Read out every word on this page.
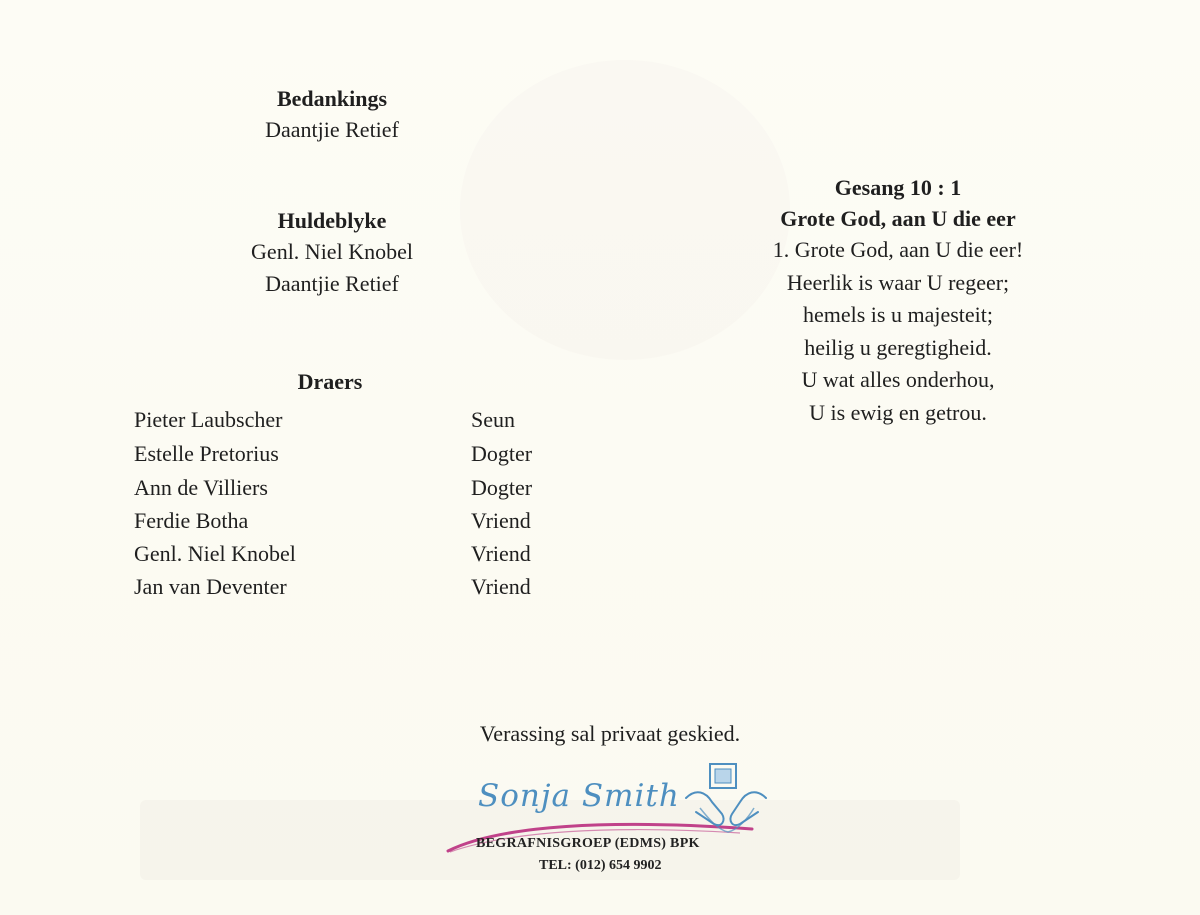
Bedankings
Daantjie Retief
Huldeblyke
Genl. Niel Knobel
Daantjie Retief
Draers
Pieter Laubscher	Seun
Estelle Pretorius	Dogter
Ann de Villiers	Dogter
Ferdie Botha	Vriend
Genl. Niel Knobel	Vriend
Jan van Deventer	Vriend
Gesang 10 : 1
Grote God, aan U die eer
1. Grote God, aan U die eer!
Heerlik is waar U regeer;
hemels is u majesteit;
heilig u geregtigheid.
U wat alles onderhou,
U is ewig en getrou.
Verassing sal privaat geskied.
Sonja Smith
BEGRAFNISGROEP (EDMS) BPK
TEL: (012) 654 9902
